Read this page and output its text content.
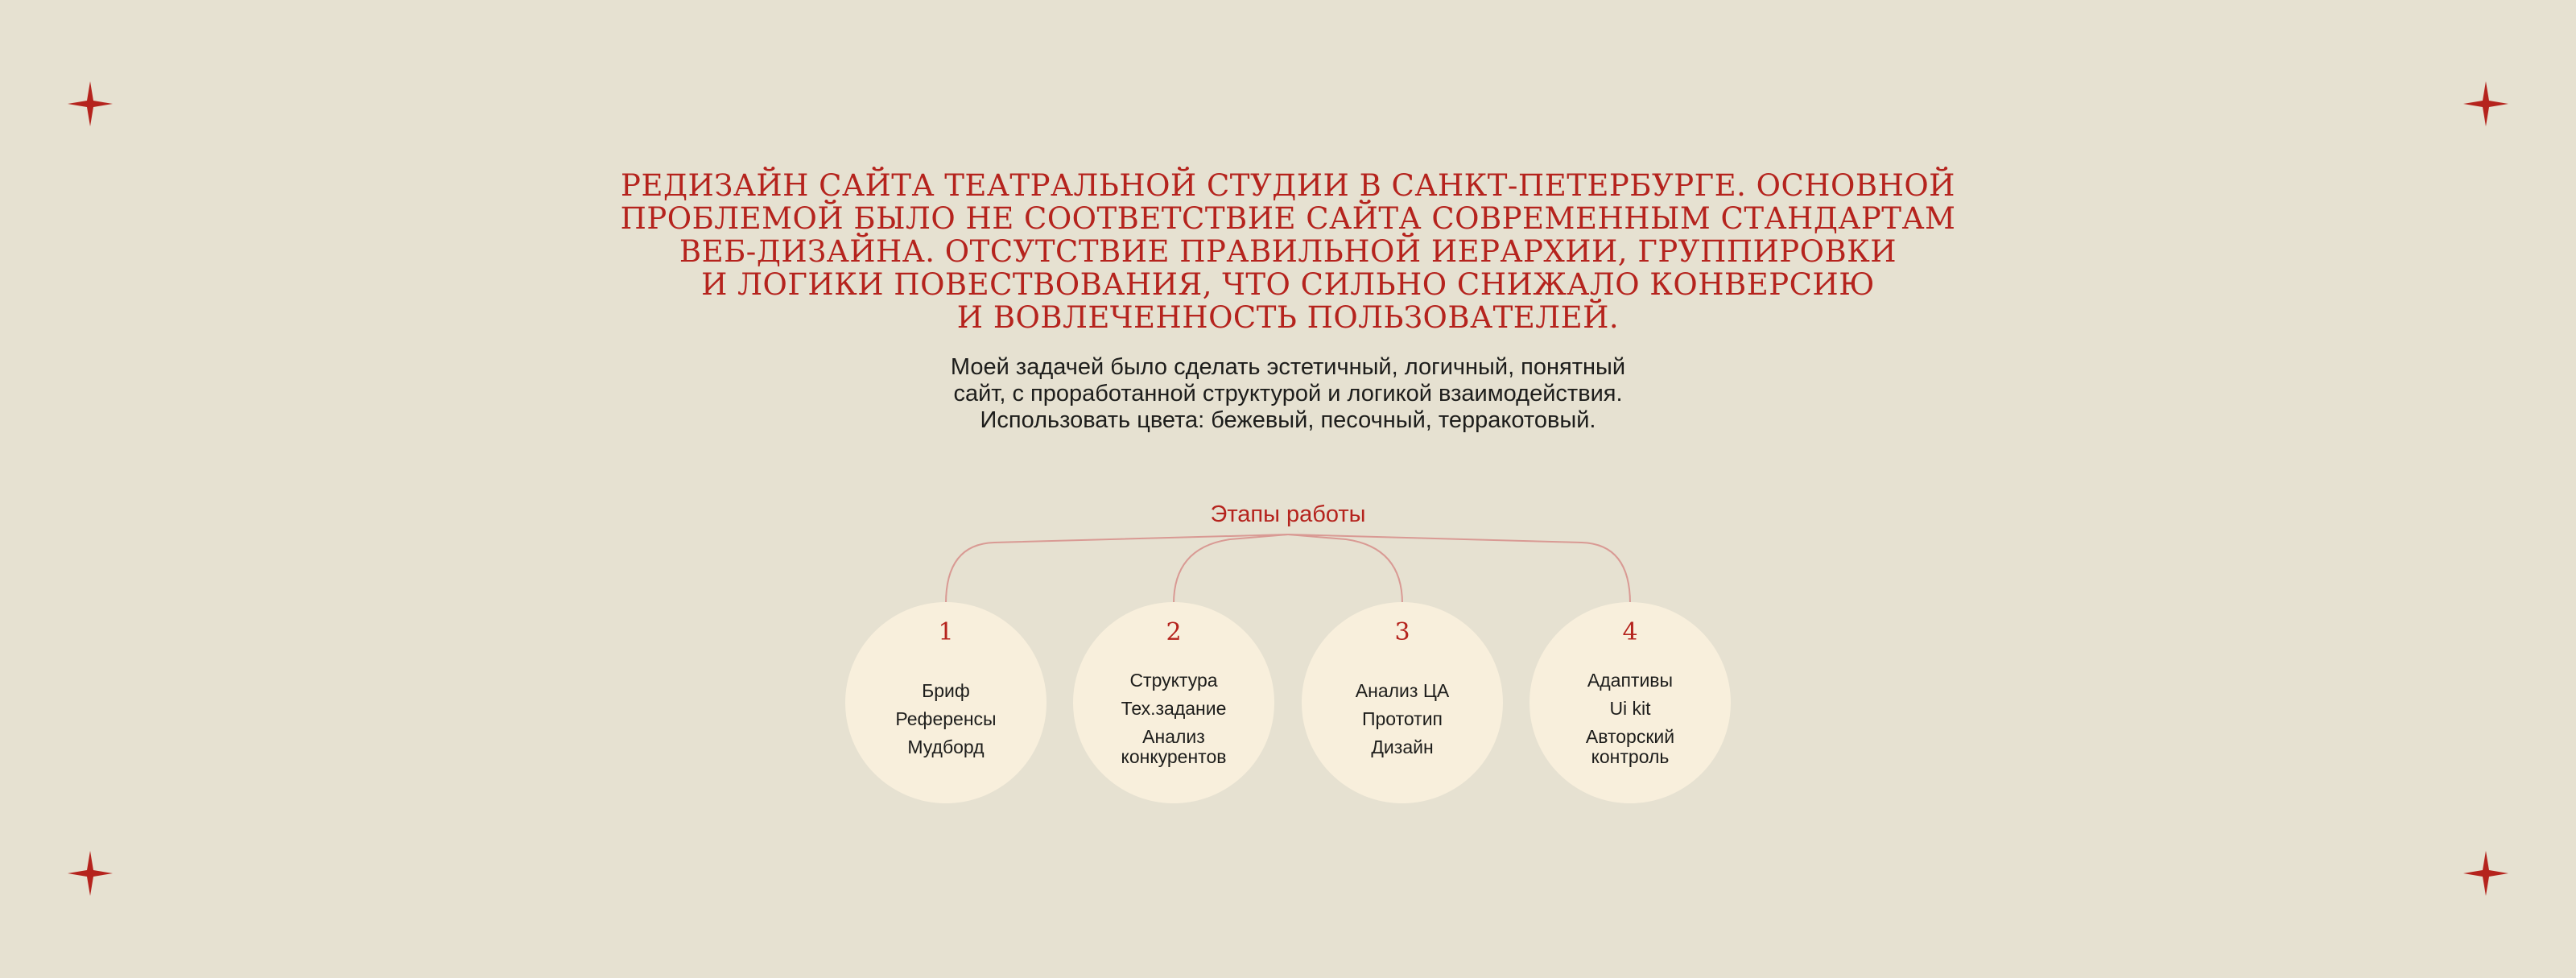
РЕДИЗАЙН САЙТА ТЕАТРАЛЬНОЙ СТУДИИ В САНКТ-ПЕТЕРБУРГЕ. ОСНОВНОЙ
ПРОБЛЕМОЙ БЫЛО НЕ СООТВЕТСТВИЕ САЙТА СОВРЕМЕННЫМ СТАНДАРТАМ
ВЕБ-ДИЗАЙНА. ОТСУТСТВИЕ ПРАВИЛЬНОЙ ИЕРАРХИИ, ГРУППИРОВКИ
И ЛОГИКИ ПОВЕСТВОВАНИЯ, ЧТО СИЛЬНО СНИЖАЛО КОНВЕРСИЮ
И ВОВЛЕЧЕННОСТЬ ПОЛЬЗОВАТЕЛЕЙ.

Моей задачей было сделать эстетичный, логичный, понятный
сайт, с проработанной структурой и логикой взаимодействия.
Использовать цвета: бежевый, песочный, терракотовый.

Этапы работы
1
Бриф
Референсы
Мудборд
2
Структура
Тех.задание
Анализ
конкурентов
3
Анализ ЦА
Прототип
Дизайн
4
Адаптивы
Ui kit
Авторский
контроль
